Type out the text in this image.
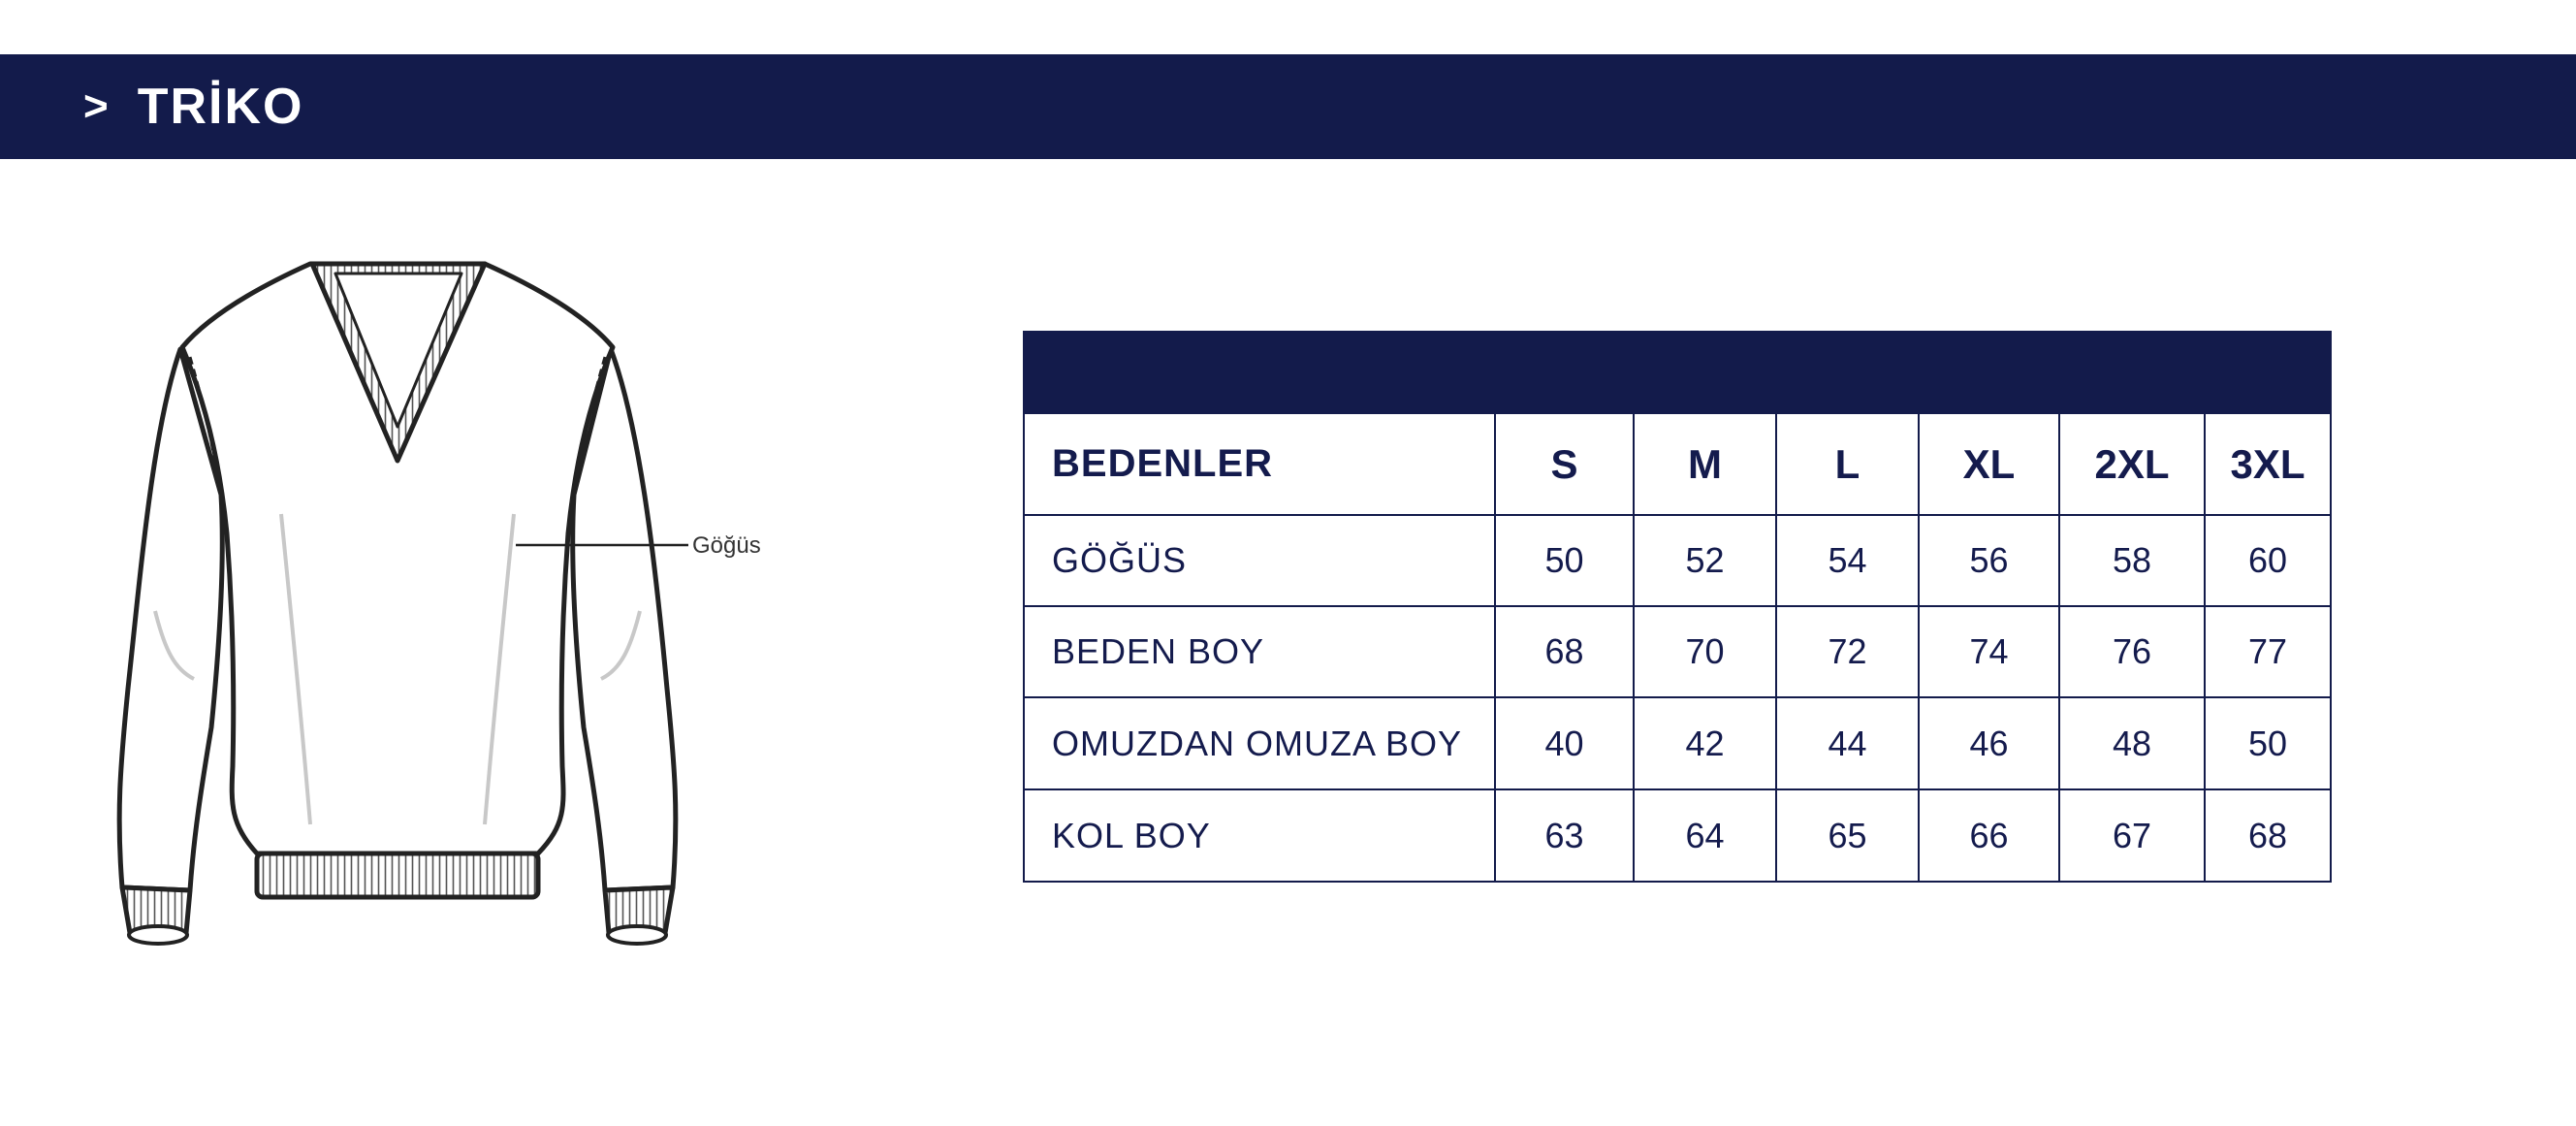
> TRİKO
Göğüs

BEDENLER	S	M	L	XL	2XL	3XL
GÖĞÜS	50	52	54	56	58	60
BEDEN BOY	68	70	72	74	76	77
OMUZDAN OMUZA BOY	40	42	44	46	48	50
KOL BOY	63	64	65	66	67	68
